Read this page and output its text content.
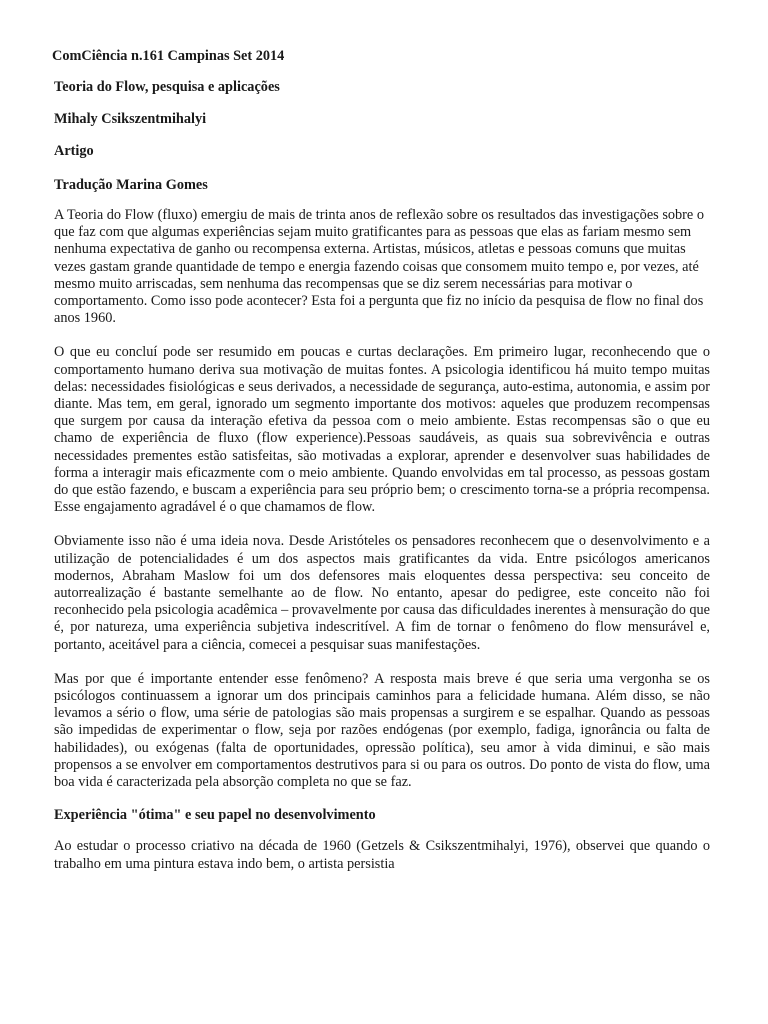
ComCiência n.161 Campinas Set 2014

Teoria do Flow, pesquisa e aplicações

Mihaly Csikszentmihalyi

Artigo

Tradução Marina Gomes

A Teoria do Flow (fluxo) emergiu de mais de trinta anos de reflexão sobre os resultados das investigações sobre o que faz com que algumas experiências sejam muito gratificantes para as pessoas que elas as fariam mesmo sem nenhuma expectativa de ganho ou recompensa externa. Artistas, músicos, atletas e pessoas comuns que muitas vezes gastam grande quantidade de tempo e energia fazendo coisas que consomem muito tempo e, por vezes, até mesmo muito arriscadas, sem nenhuma das recompensas que se diz serem necessárias para motivar o comportamento. Como isso pode acontecer? Esta foi a pergunta que fiz no início da pesquisa de flow no final dos anos 1960.

O que eu concluí pode ser resumido em poucas e curtas declarações. Em primeiro lugar, reconhecendo que o comportamento humano deriva sua motivação de muitas fontes. A psicologia identificou há muito tempo muitas delas: necessidades fisiológicas e seus derivados, a necessidade de segurança, auto-estima, autonomia, e assim por diante. Mas tem, em geral, ignorado um segmento importante dos motivos: aqueles que produzem recompensas que surgem por causa da interação efetiva da pessoa com o meio ambiente. Estas recompensas são o que eu chamo de experiência de fluxo (flow experience).Pessoas saudáveis, as quais sua sobrevivência e outras necessidades prementes estão satisfeitas, são motivadas a explorar, aprender e desenvolver suas habilidades de forma a interagir mais eficazmente com o meio ambiente. Quando envolvidas em tal processo, as pessoas gostam do que estão fazendo, e buscam a experiência para seu próprio bem; o crescimento torna-se a própria recompensa. Esse engajamento agradável é o que chamamos de flow.

Obviamente isso não é uma ideia nova. Desde Aristóteles os pensadores reconhecem que o desenvolvimento e a utilização de potencialidades é um dos aspectos mais gratificantes da vida. Entre psicólogos americanos modernos, Abraham Maslow foi um dos defensores mais eloquentes dessa perspectiva: seu conceito de autorrealização é bastante semelhante ao de flow. No entanto, apesar do pedigree, este conceito não foi reconhecido pela psicologia acadêmica – provavelmente por causa das dificuldades inerentes à mensuração do que é, por natureza, uma experiência subjetiva indescritível. A fim de tornar o fenômeno do flow mensurável e, portanto, aceitável para a ciência, comecei a pesquisar suas manifestações.

Mas por que é importante entender esse fenômeno? A resposta mais breve é que seria uma vergonha se os psicólogos continuassem a ignorar um dos principais caminhos para a felicidade humana. Além disso, se não levamos a sério o flow, uma série de patologias são mais propensas a surgirem e se espalhar. Quando as pessoas são impedidas de experimentar o flow, seja por razões endógenas (por exemplo, fadiga, ignorância ou falta de habilidades), ou exógenas (falta de oportunidades, opressão política), seu amor à vida diminui, e são mais propensos a se envolver em comportamentos destrutivos para si ou para os outros. Do ponto de vista do flow, uma boa vida é caracterizada pela absorção completa no que se faz.

Experiência "ótima" e seu papel no desenvolvimento

Ao estudar o processo criativo na década de 1960 (Getzels & Csikszentmihalyi, 1976), observei que quando o trabalho em uma pintura estava indo bem, o artista persistia
